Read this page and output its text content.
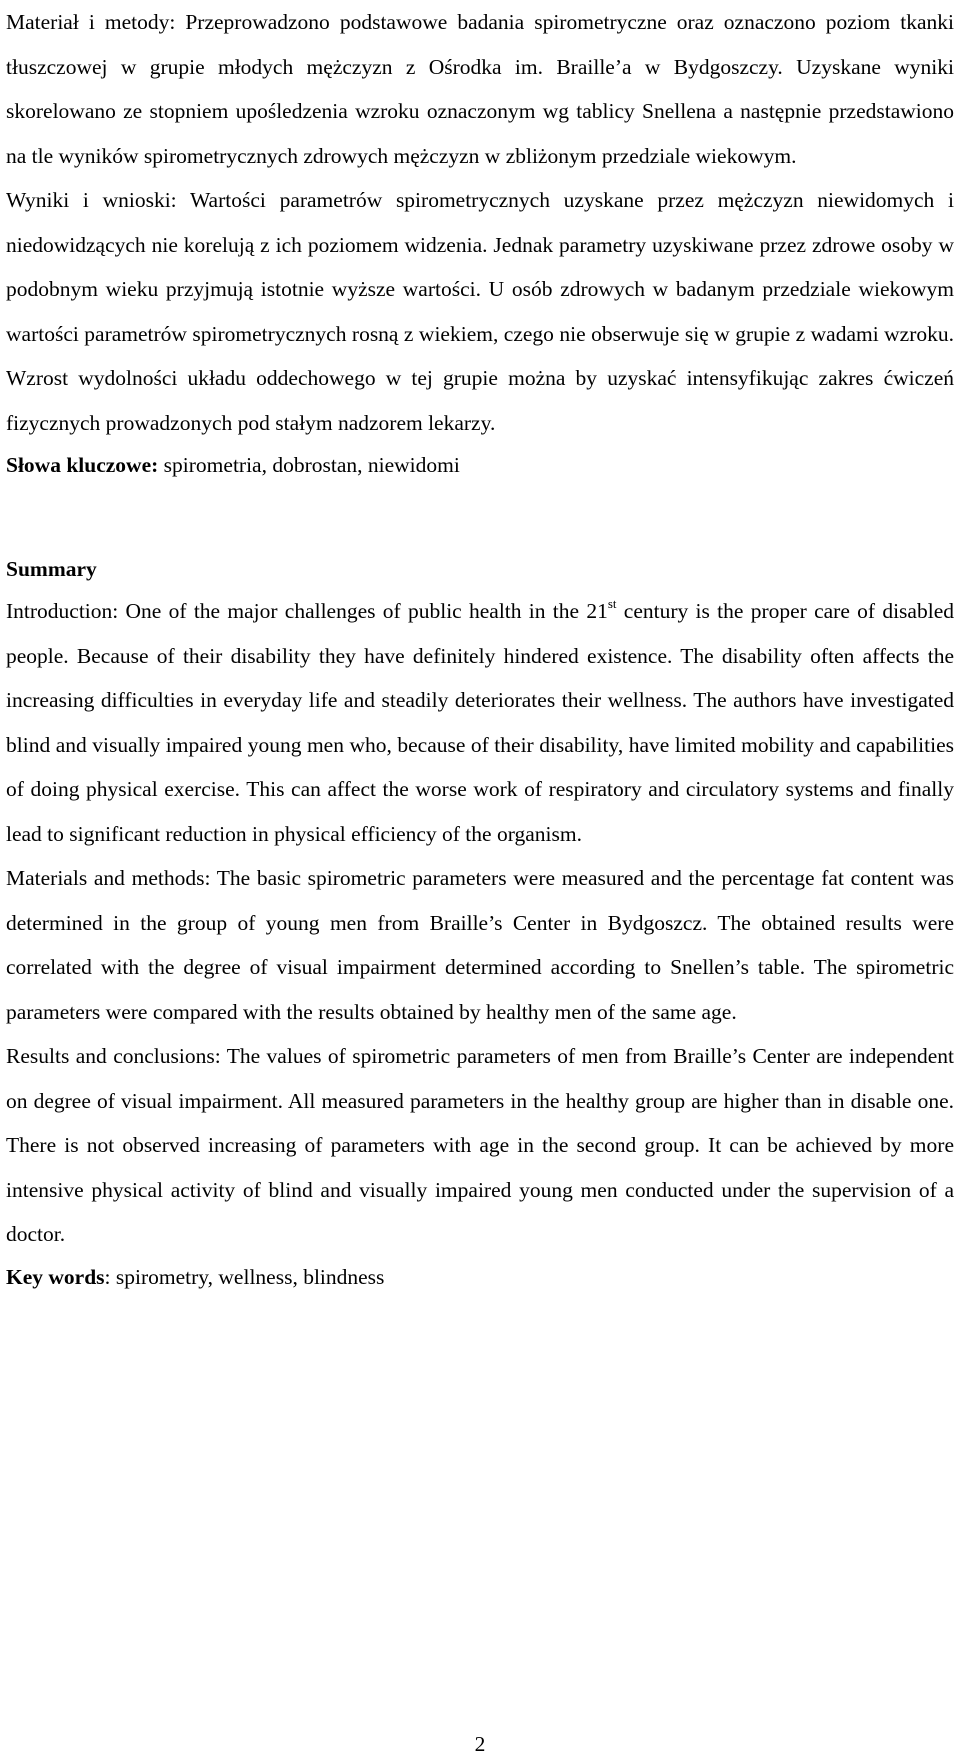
Materiał i metody: Przeprowadzono podstawowe badania spirometryczne oraz oznaczono poziom tkanki tłuszczowej w grupie młodych mężczyzn z Ośrodka im. Braille’a w Bydgoszczy. Uzyskane wyniki skorelowano ze stopniem upośledzenia wzroku oznaczonym wg tablicy Snellena a następnie przedstawiono na tle wyników spirometrycznych zdrowych mężczyzn w zbliżonym przedziale wiekowym.

Wyniki i wnioski: Wartości parametrów spirometrycznych uzyskane przez mężczyzn niewidomych i niedowidzących nie korelują z ich poziomem widzenia. Jednak parametry uzyskiwane przez zdrowe osoby w podobnym wieku przyjmują istotnie wyższe wartości. U osób zdrowych w badanym przedziale wiekowym wartości parametrów spirometrycznych rosną z wiekiem, czego nie obserwuje się w grupie z wadami wzroku. Wzrost wydolności układu oddechowego w tej grupie można by uzyskać intensyfikując zakres ćwiczeń fizycznych prowadzonych pod stałym nadzorem lekarzy.

Słowa kluczowe: spirometria, dobrostan, niewidomi

Summary

Introduction: One of the major challenges of public health in the 21st century is the proper care of disabled people. Because of their disability they have definitely hindered existence. The disability often affects the increasing difficulties in everyday life and steadily deteriorates their wellness. The authors have investigated blind and visually impaired young men who, because of their disability, have limited mobility and capabilities of doing physical exercise. This can affect the worse work of respiratory and circulatory systems and finally lead to significant reduction in physical efficiency of the organism.

Materials and methods: The basic spirometric parameters were measured and the percentage fat content was determined in the group of young men from Braille’s Center in Bydgoszcz. The obtained results were correlated with the degree of visual impairment determined according to Snellen’s table. The spirometric parameters were compared with the results obtained by healthy men of the same age.

Results and conclusions: The values of spirometric parameters of men from Braille’s Center are independent on degree of visual impairment. All measured parameters in the healthy group are higher than in disable one. There is not observed increasing of parameters with age in the second group. It can be achieved by more intensive physical activity of blind and visually impaired young men conducted under the supervision of a doctor.

Key words: spirometry, wellness, blindness

2
